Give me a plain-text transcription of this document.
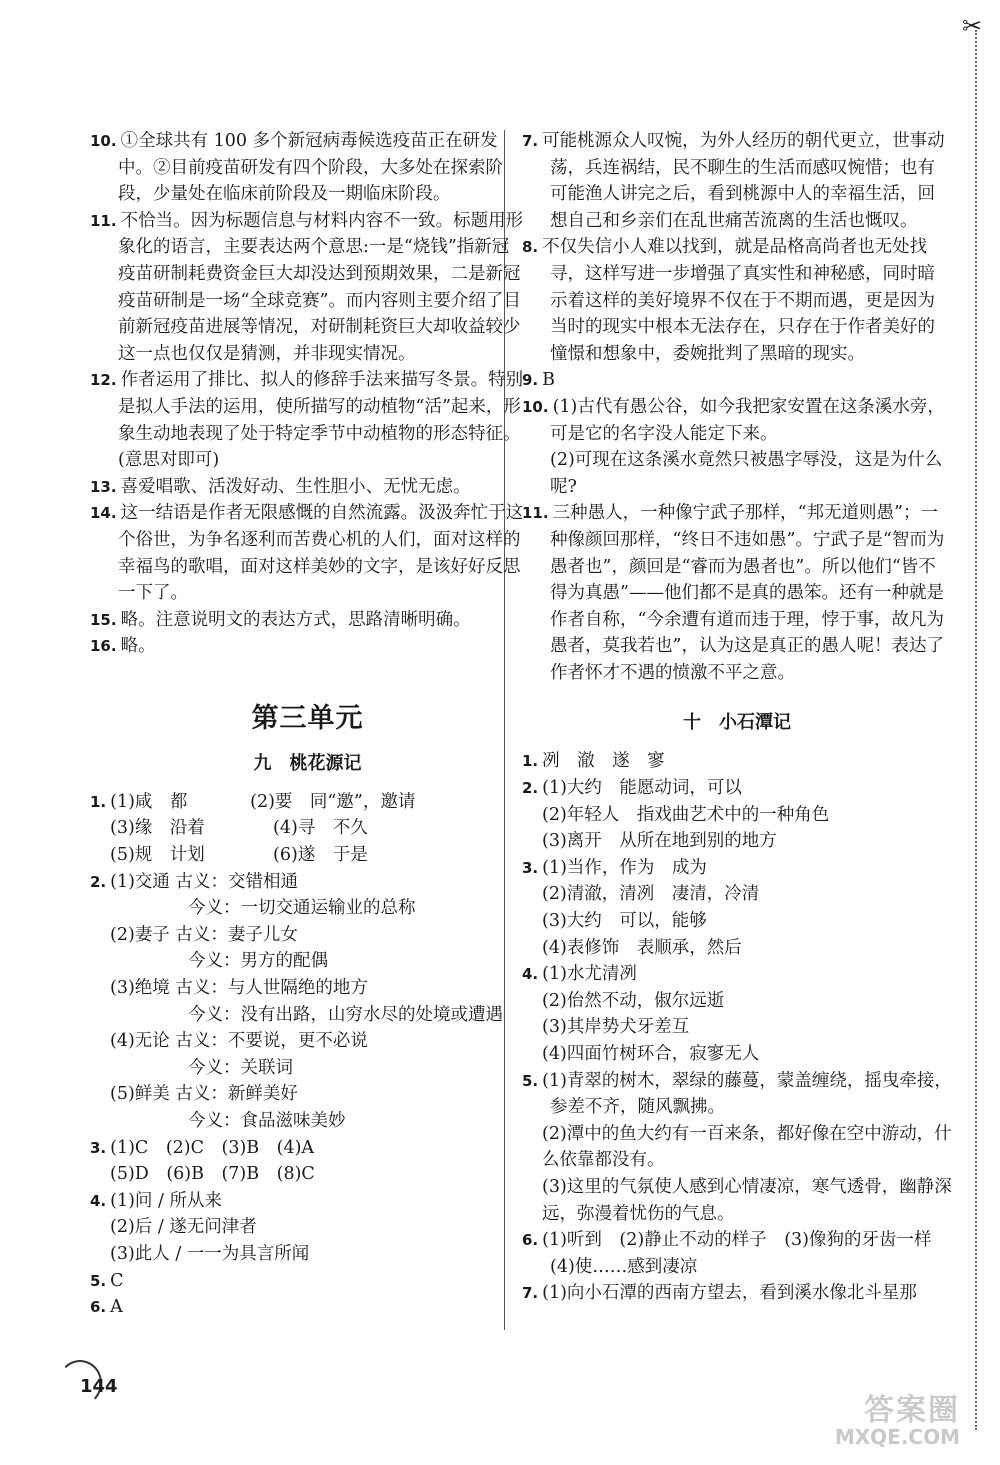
✂

10. ①全球共有 100 多个新冠病毒候选疫苗正在研发中。②目前疫苗研发有四个阶段，大多处在探索阶段，少量处在临床前阶段及一期临床阶段。

11. 不恰当。因为标题信息与材料内容不一致。标题用形象化的语言，主要表达两个意思:一是“烧钱”指新冠疫苗研制耗费资金巨大却没达到预期效果，二是新冠疫苗研制是一场“全球竞赛”。而内容则主要介绍了目前新冠疫苗进展等情况，对研制耗资巨大却收益较少这一点也仅仅是猜测，并非现实情况。

12. 作者运用了排比、拟人的修辞手法来描写冬景。特别是拟人手法的运用，使所描写的动植物“活”起来，形象生动地表现了处于特定季节中动植物的形态特征。(意思对即可)

13. 喜爱唱歌、活泼好动、生性胆小、无忧无虑。

14. 这一结语是作者无限感慨的自然流露。汲汲奔忙于这个俗世，为争名逐利而苦费心机的人们，面对这样的幸福鸟的歌唱，面对这样美妙的文字，是该好好反思一下了。

15. 略。注意说明文的表达方式，思路清晰明确。

16. 略。

第三单元
九　桃花源记

1. (1)咸　都	(2)要　同“邀”，邀请

(3)缘　沿着	(4)寻　不久

(5)规　计划	(6)遂　于是

2. (1)交通 古义：交错相通

今义：一切交通运输业的总称

(2)妻子 古义：妻子儿女

今义：男方的配偶

(3)绝境 古义：与人世隔绝的地方

今义：没有出路，山穷水尽的处境或遭遇

(4)无论 古义：不要说，更不必说

今义：关联词

(5)鲜美 古义：新鲜美好

今义：食品滋味美妙

3. (1)C　(2)C　(3)B　(4)A

(5)D　(6)B　(7)B　(8)C

4. (1)问 / 所从来

(2)后 / 遂无问津者

(3)此人 / 一一为具言所闻

5. C

6. A

7. 可能桃源众人叹惋，为外人经历的朝代更立，世事动荡，兵连祸结，民不聊生的生活而感叹惋惜；也有可能渔人讲完之后，看到桃源中人的幸福生活，回想自己和乡亲们在乱世痛苦流离的生活也慨叹。

8. 不仅失信小人难以找到，就是品格高尚者也无处找寻，这样写进一步增强了真实性和神秘感，同时暗示着这样的美好境界不仅在于不期而遇，更是因为当时的现实中根本无法存在，只存在于作者美好的憧憬和想象中，委婉批判了黑暗的现实。

9. B

10. (1)古代有愚公谷，如今我把家安置在这条溪水旁，可是它的名字没人能定下来。

(2)可现在这条溪水竟然只被愚字辱没，这是为什么呢?

11. 三种愚人，一种像宁武子那样，“邦无道则愚”；一种像颜回那样，“终日不违如愚”。宁武子是“智而为愚者也”，颜回是“睿而为愚者也”。所以他们“皆不得为真愚”——他们都不是真的愚笨。还有一种就是作者自称，“今余遭有道而违于理，悖于事，故凡为愚者，莫我若也”，认为这是真正的愚人呢！表达了作者怀才不遇的愤激不平之意。

十　小石潭记

1. 冽　澈　遂　寥

2. (1)大约　能愿动词，可以

(2)年轻人　指戏曲艺术中的一种角色

(3)离开　从所在地到别的地方

3. (1)当作，作为　成为

(2)清澈，清冽　凄清，冷清

(3)大约　可以，能够

(4)表修饰　表顺承，然后

4. (1)水尤清冽

(2)佁然不动，俶尔远逝

(3)其岸势犬牙差互

(4)四面竹树环合，寂寥无人

5. (1)青翠的树木，翠绿的藤蔓，蒙盖缠绕，摇曳牵接，参差不齐，随风飘拂。

(2)潭中的鱼大约有一百来条，都好像在空中游动，什么依靠都没有。

(3)这里的气氛使人感到心情凄凉，寒气透骨，幽静深远，弥漫着忧伤的气息。

6. (1)听到　(2)静止不动的样子　(3)像狗的牙齿一样　(4)使……感到凄凉

7. (1)向小石潭的西南方望去，看到溪水像北斗星那

144
答案圈
MXQE.COM
